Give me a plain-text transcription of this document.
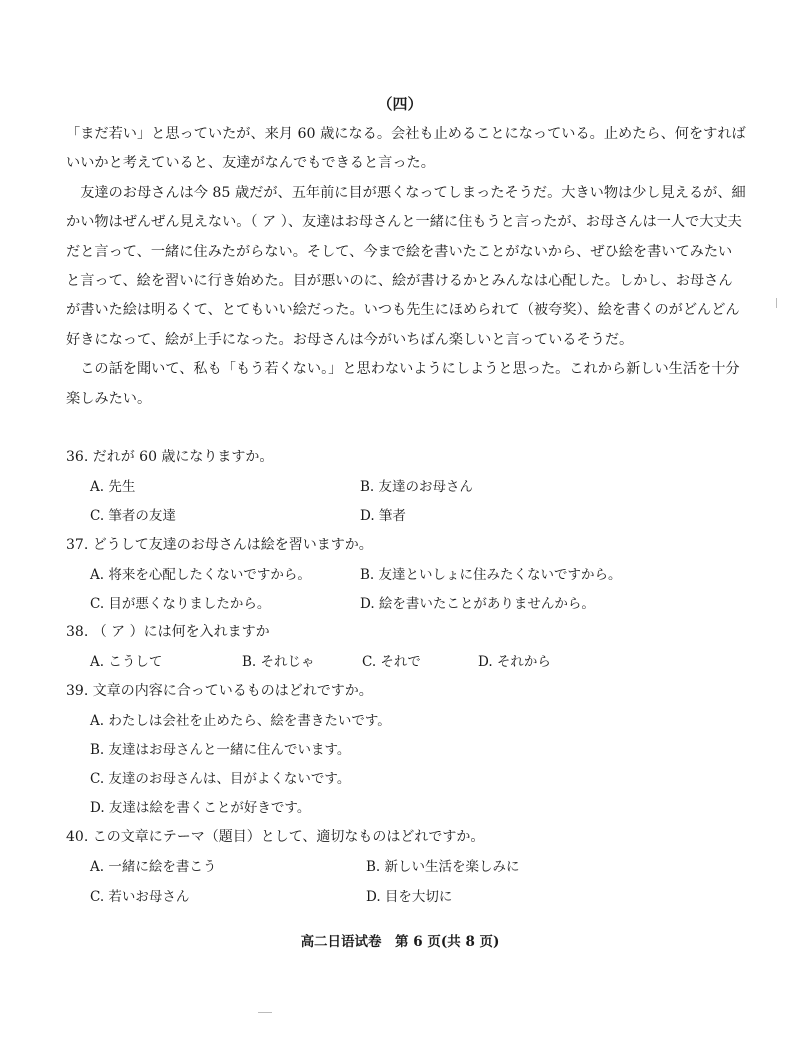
（四）

「まだ若い」と思っていたが、来月 60 歳になる。会社も止めることになっている。止めたら、何をすればいいかと考えていると、友達がなんでもできると言った。

友達のお母さんは今 85 歳だが、五年前に目が悪くなってしまったそうだ。大きい物は少し見えるが、細かい物はぜんぜん見えない。（ ア ）、友達はお母さんと一緒に住もうと言ったが、お母さんは一人で大丈夫だと言って、一緒に住みたがらない。そして、今まで絵を書いたことがないから、ぜひ絵を書いてみたいと言って、絵を習いに行き始めた。目が悪いのに、絵が書けるかとみんなは心配した。しかし、お母さんが書いた絵は明るくて、とてもいい絵だった。いつも先生にほめられて（被夸奖）、絵を書くのがどんどん好きになって、絵が上手になった。お母さんは今がいちばん楽しいと言っているそうだ。

この話を聞いて、私も「もう若くない。」と思わないようにしようと思った。これから新しい生活を十分楽しみたい。

36. だれが 60 歳になりますか。
A. 先生	B. 友達のお母さん
C. 筆者の友達	D. 筆者
37. どうして友達のお母さんは絵を習いますか。
A. 将来を心配したくないですから。	B. 友達といしょに住みたくないですから。
C. 目が悪くなりましたから。	D. 絵を書いたことがありませんから。
38. （ ア ）には何を入れますか
A. こうして	B. それじゃ	C. それで	D. それから
39. 文章の内容に合っているものはどれですか。
A. わたしは会社を止めたら、絵を書きたいです。
B. 友達はお母さんと一緒に住んでいます。
C. 友達のお母さんは、目がよくないです。
D. 友達は絵を書くことが好きです。
40. この文章にテーマ（題目）として、適切なものはどれですか。
A. 一緒に絵を書こう	B. 新しい生活を楽しみに
C. 若いお母さん	D. 目を大切に
高二日语试卷　第 6 页(共 8 页)
